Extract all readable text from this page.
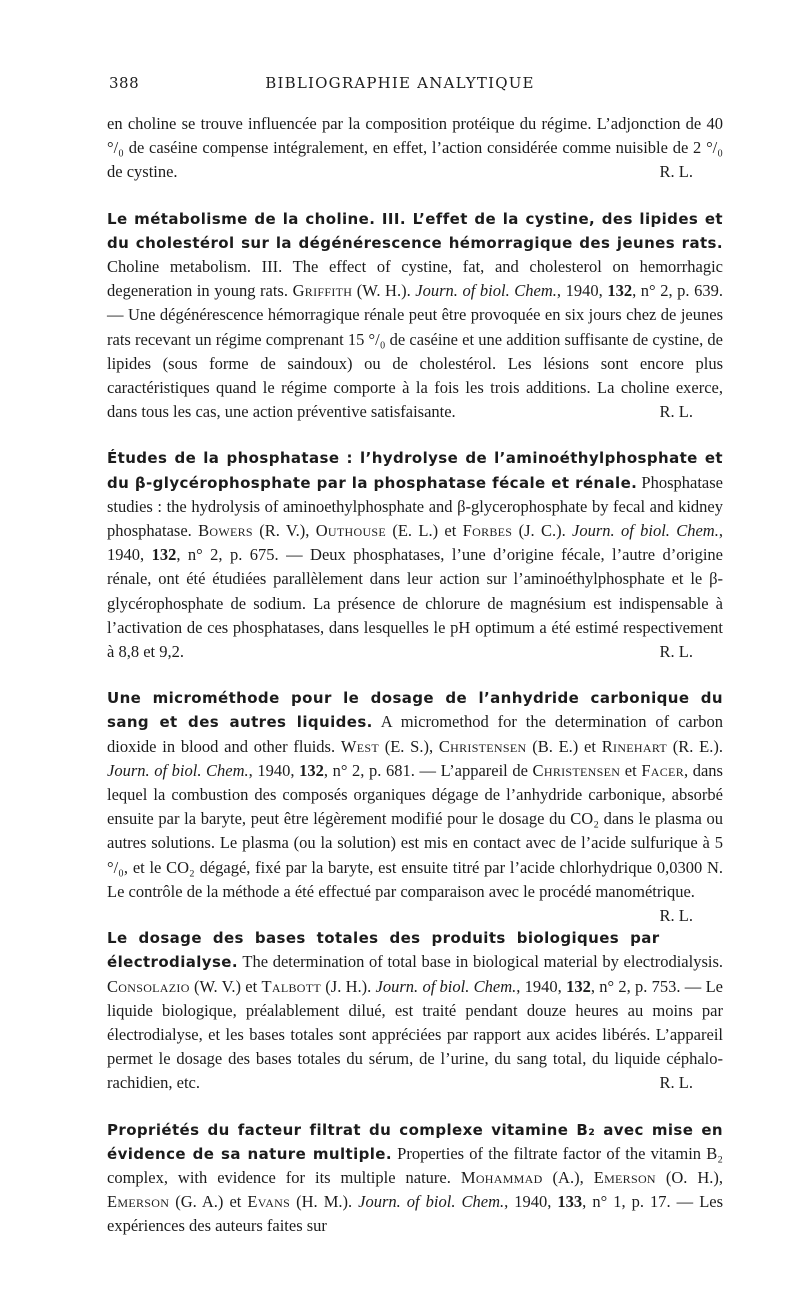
388	BIBLIOGRAPHIE ANALYTIQUE

en choline se trouve influencée par la composition protéique du régime. L’adjonction de 40 °/₀ de caséine compense intégralement, en effet, l’action considérée comme nuisible de 2 °/₀ de cystine.	R. L.

Le métabolisme de la choline. III. L’effet de la cystine, des lipides et du cholestérol sur la dégénérescence hémorragique des jeunes rats. Choline metabolism. III. The effect of cystine, fat, and cholesterol on hemorrhagic degeneration in young rats. Griffith (W. H.). Journ. of biol. Chem., 1940, 132, n° 2, p. 639. — Une dégénérescence hémorragique rénale peut être provoquée en six jours chez de jeunes rats recevant un régime comprenant 15 °/₀ de caséine et une addition suffisante de cystine, de lipides (sous forme de saindoux) ou de cholestérol. Les lésions sont encore plus caractéristiques quand le régime comporte à la fois les trois additions. La choline exerce, dans tous les cas, une action préventive satisfaisante.	R. L.

Études de la phosphatase : l’hydrolyse de l’aminoéthylphosphate et du β-glycérophosphate par la phosphatase fécale et rénale. Phosphatase studies : the hydrolysis of aminoethylphosphate and β-glycerophosphate by fecal and kidney phosphatase. Bowers (R. V.), Outhouse (E. L.) et Forbes (J. C.). Journ. of biol. Chem., 1940, 132, n° 2, p. 675. — Deux phosphatases, l’une d’origine fécale, l’autre d’origine rénale, ont été étudiées parallèlement dans leur action sur l’aminoéthylphosphate et le β-glycérophosphate de sodium. La présence de chlorure de magnésium est indispensable à l’activation de ces phosphatases, dans lesquelles le pH optimum a été estimé respectivement à 8,8 et 9,2.	R. L.

Une microméthode pour le dosage de l’anhydride carbonique du sang et des autres liquides. A micromethod for the determination of carbon dioxide in blood and other fluids. West (E. S.), Christensen (B. E.) et Rinehart (R. E.). Journ. of biol. Chem., 1940, 132, n° 2, p. 681. — L’appareil de Christensen et Facer, dans lequel la combustion des composés organiques dégage de l’anhydride carbonique, absorbé ensuite par la baryte, peut être légèrement modifié pour le dosage du CO₂ dans le plasma ou autres solutions. Le plasma (ou la solution) est mis en contact avec de l’acide sulfurique à 5 °/₀, et le CO₂ dégagé, fixé par la baryte, est ensuite titré par l’acide chlorhydrique 0,0300 N. Le contrôle de la méthode a été effectué par comparaison avec le procédé manométrique.
R. L.

Le dosage des bases totales des produits biologiques par électrodialyse. The determination of total base in biological material by electrodialysis. Consolazio (W. V.) et Talbott (J. H.). Journ. of biol. Chem., 1940, 132, n° 2, p. 753. — Le liquide biologique, préalablement dilué, est traité pendant douze heures au moins par électrodialyse, et les bases totales sont appréciées par rapport aux acides libérés. L’appareil permet le dosage des bases totales du sérum, de l’urine, du sang total, du liquide céphalo-rachidien, etc.	R. L.

Propriétés du facteur filtrat du complexe vitamine B₂ avec mise en évidence de sa nature multiple. Properties of the filtrate factor of the vitamin B₂ complex, with evidence for its multiple nature. Mohammad (A.), Emerson (O. H.), Emerson (G. A.) et Evans (H. M.). Journ. of biol. Chem., 1940, 133, n° 1, p. 17. — Les expériences des auteurs faites sur
